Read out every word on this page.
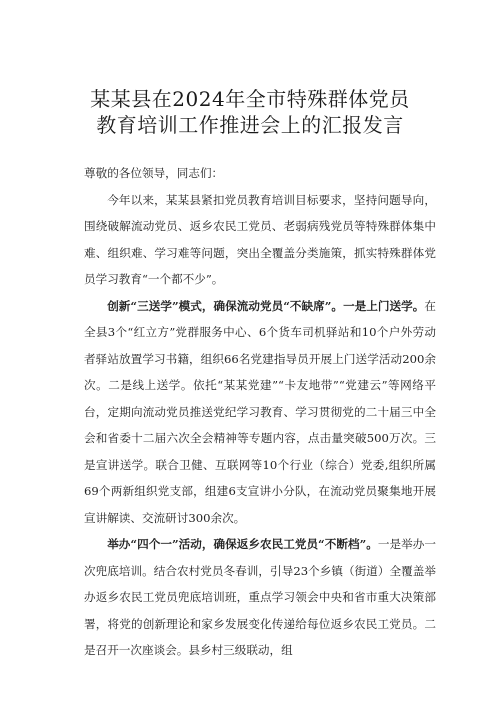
某某县在2024年全市特殊群体党员
教育培训工作推进会上的汇报发言

尊敬的各位领导，同志们：

今年以来，某某县紧扣党员教育培训目标要求，坚持问题导向，围绕破解流动党员、返乡农民工党员、老弱病残党员等特殊群体集中难、组织难、学习难等问题，突出全覆盖分类施策，抓实特殊群体党员学习教育“一个都不少”。

创新“三送学”模式，确保流动党员“不缺席”。一是上门送学。在全县3个“红立方”党群服务中心、6个货车司机驿站和10个户外劳动者驿站放置学习书籍，组织66名党建指导员开展上门送学活动200余次。二是线上送学。依托“某某党建”“卡友地带”“党建云”等网络平台，定期向流动党员推送党纪学习教育、学习贯彻党的二十届三中全会和省委十二届六次全会精神等专题内容，点击量突破500万次。三是宣讲送学。联合卫健、互联网等10个行业（综合）党委,组织所属69个两新组织党支部，组建6支宣讲小分队，在流动党员聚集地开展宣讲解读、交流研讨300余次。

举办“四个一”活动，确保返乡农民工党员“不断档”。一是举办一次兜底培训。结合农村党员冬春训，引导23个乡镇（街道）全覆盖举办返乡农民工党员兜底培训班，重点学习领会中央和省市重大决策部署，将党的创新理论和家乡发展变化传递给每位返乡农民工党员。二是召开一次座谈会。县乡村三级联动，组
